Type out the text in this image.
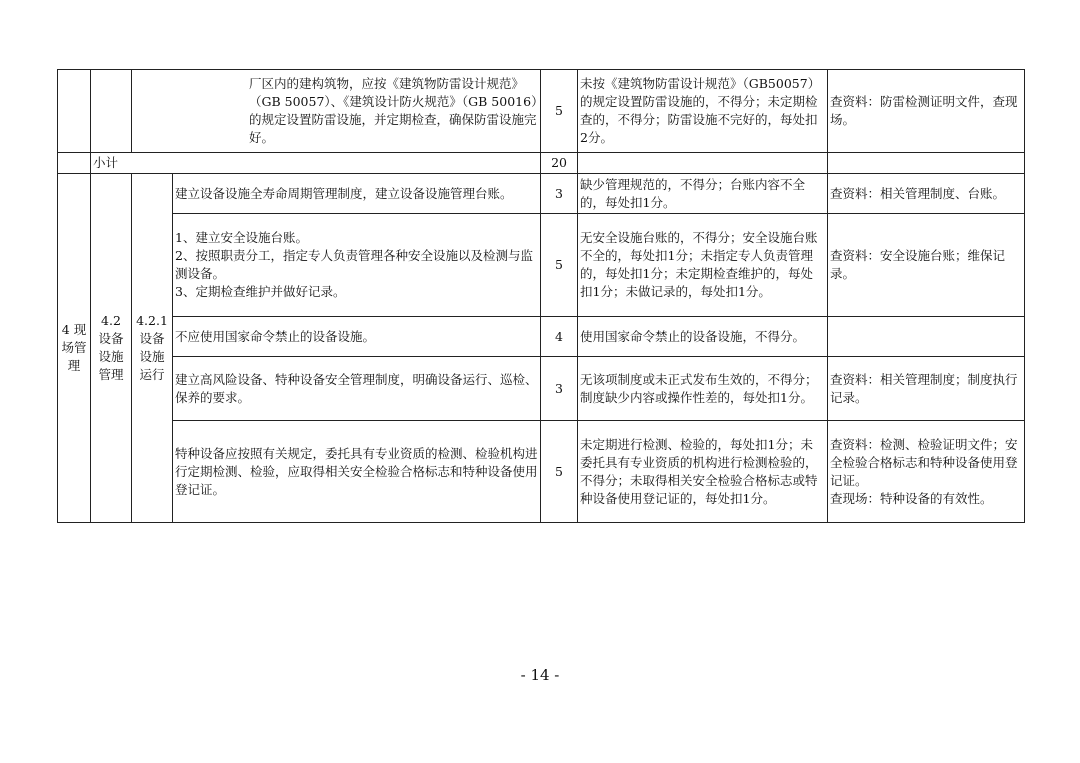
		厂区内的建构筑物，应按《建筑物防雷设计规范》（GB 50057）、《建筑设计防火规范》（GB 50016）的规定设置防雷设施，并定期检查，确保防雷设施完好。		5	未按《建筑物防雷设计规范》（GB50057）的规定设置防雷设施的，不得分；未定期检查的，不得分；防雷设施不完好的，每处扣2分。	查资料：防雷检测证明文件，查现场。
	小计			20		
4 现场管理	4.2 设备设施管理	4.2.1 设备设施运行	建立设备设施全寿命周期管理制度，建立设备设施管理台账。	3	缺少管理规范的，不得分；台账内容不全的，每处扣1分。	查资料：相关管理制度、台账。

			1、建立安全设施台账。
2、按照职责分工，指定专人负责管理各种安全设施以及检测与监测设备。
3、定期检查维护并做好记录。	5	无安全设施台账的，不得分；安全设施台账不全的，每处扣1分；未指定专人负责管理的，每处扣1分；未定期检查维护的，每处扣1分；未做记录的，每处扣1分。	查资料：安全设施台账；维保记录。
			不应使用国家命令禁止的设备设施。	4	使用国家命令禁止的设备设施，不得分。	
			建立高风险设备、特种设备安全管理制度，明确设备运行、巡检、保养的要求。	3	无该项制度或未正式发布生效的，不得分；制度缺少内容或操作性差的，每处扣1分。	查资料：相关管理制度；制度执行记录。
			特种设备应按照有关规定，委托具有专业资质的检测、检验机构进行定期检测、检验，应取得相关安全检验合格标志和特种设备使用登记证。	5	未定期进行检测、检验的，每处扣1分；未委托具有专业资质的机构进行检测检验的，不得分；未取得相关安全检验合格标志或特种设备使用登记证的，每处扣1分。	查资料：检测、检验证明文件；安全检验合格标志和特种设备使用登记证。
查现场：特种设备的有效性。
- 14 -
